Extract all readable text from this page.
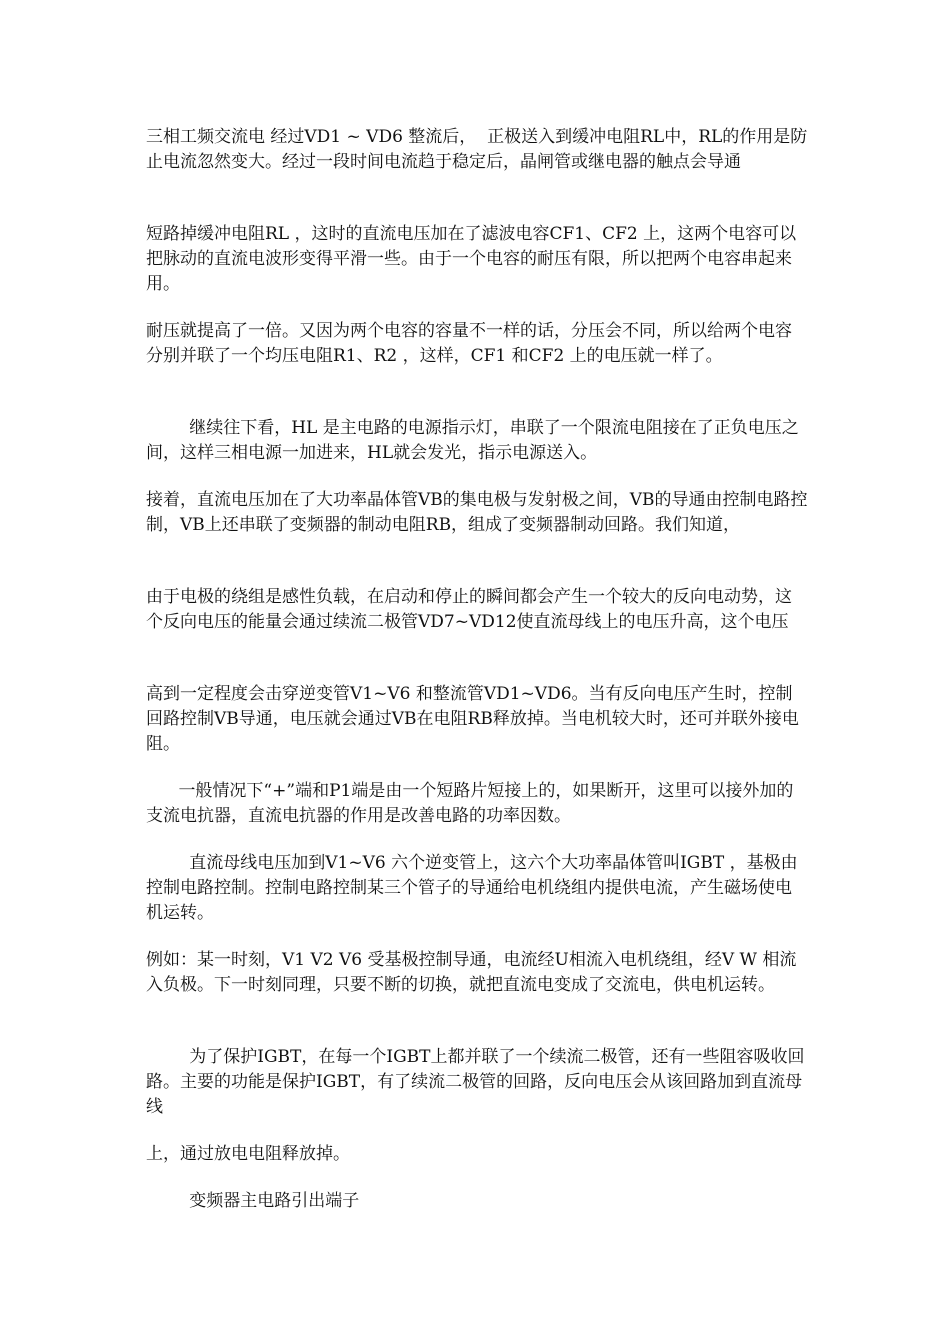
三相工频交流电 经过VD1 ~ VD6 整流后，  正极送入到缓冲电阻RL中，RL的作用是防止电流忽然变大。经过一段时间电流趋于稳定后，晶闸管或继电器的触点会导通

短路掉缓冲电阻RL ，这时的直流电压加在了滤波电容CF1、CF2 上，这两个电容可以把脉动的直流电波形变得平滑一些。由于一个电容的耐压有限，所以把两个电容串起来用。

耐压就提高了一倍。又因为两个电容的容量不一样的话，分压会不同，所以给两个电容分别并联了一个均压电阻R1、R2 ，这样，CF1 和CF2 上的电压就一样了。

继续往下看，HL 是主电路的电源指示灯，串联了一个限流电阻接在了正负电压之间，这样三相电源一加进来，HL就会发光，指示电源送入。

接着，直流电压加在了大功率晶体管VB的集电极与发射极之间，VB的导通由控制电路控制，VB上还串联了变频器的制动电阻RB，组成了变频器制动回路。我们知道，

由于电极的绕组是感性负载，在启动和停止的瞬间都会产生一个较大的反向电动势，这个反向电压的能量会通过续流二极管VD7~VD12使直流母线上的电压升高，这个电压

高到一定程度会击穿逆变管V1~V6 和整流管VD1~VD6。当有反向电压产生时，控制回路控制VB导通，电压就会通过VB在电阻RB释放掉。当电机较大时，还可并联外接电阻。

一般情况下“+”端和P1端是由一个短路片短接上的，如果断开，这里可以接外加的支流电抗器，直流电抗器的作用是改善电路的功率因数。

直流母线电压加到V1~V6 六个逆变管上，这六个大功率晶体管叫IGBT ，基极由控制电路控制。控制电路控制某三个管子的导通给电机绕组内提供电流，产生磁场使电机运转。

例如：某一时刻，V1 V2 V6 受基极控制导通，电流经U相流入电机绕组，经V W 相流入负极。下一时刻同理，只要不断的切换，就把直流电变成了交流电，供电机运转。

为了保护IGBT，在每一个IGBT上都并联了一个续流二极管，还有一些阻容吸收回路。主要的功能是保护IGBT，有了续流二极管的回路，反向电压会从该回路加到直流母线

上，通过放电电阻释放掉。

变频器主电路引出端子
